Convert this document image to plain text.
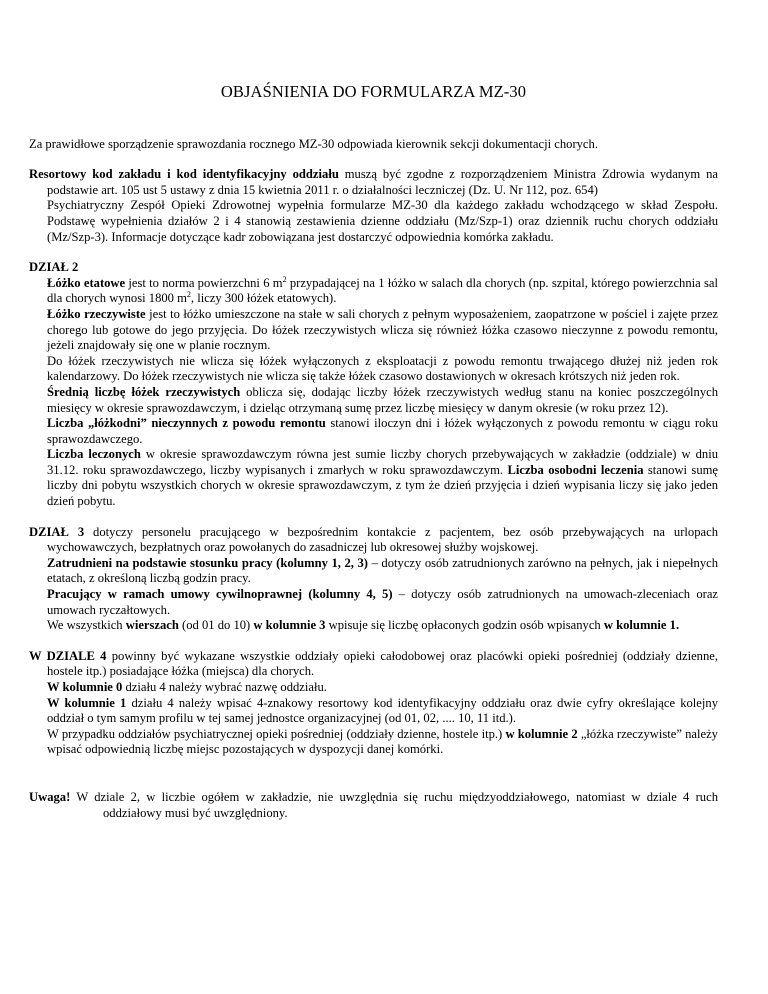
OBJAŚNIENIA DO FORMULARZA MZ-30

Za prawidłowe sporządzenie sprawozdania rocznego MZ-30 odpowiada kierownik sekcji dokumentacji chorych.

Resortowy kod zakładu i kod identyfikacyjny oddziału muszą być zgodne z rozporządzeniem Ministra Zdrowia wydanym na podstawie art. 105 ust 5 ustawy z dnia 15 kwietnia 2011 r. o działalności leczniczej (Dz. U. Nr 112, poz. 654)

Psychiatryczny Zespół Opieki Zdrowotnej wypełnia formularze MZ-30 dla każdego zakładu wchodzącego w skład Zespołu. Podstawę wypełnienia działów 2 i 4 stanowią zestawienia dzienne oddziału (Mz/Szp-1) oraz dziennik ruchu chorych oddziału (Mz/Szp-3). Informacje dotyczące kadr zobowiązana jest dostarczyć odpowiednia komórka zakładu.

DZIAŁ 2

Łóżko etatowe jest to norma powierzchni 6 $m^2$ przypadającej na 1 łóżko w salach dla chorych (np. szpital, którego powierzchnia sal dla chorych wynosi 1800 $m^2$, liczy 300 łóżek etatowych).

Łóżko rzeczywiste jest to łóżko umieszczone na stałe w sali chorych z pełnym wyposażeniem, zaopatrzone w pościel i zajęte przez chorego lub gotowe do jego przyjęcia. Do łóżek rzeczywistych wlicza się również łóżka czasowo nieczynne z powodu remontu, jeżeli znajdowały się one w planie rocznym.

Do łóżek rzeczywistych nie wlicza się łóżek wyłączonych z eksploatacji z powodu remontu trwającego dłużej niż jeden rok kalendarzowy. Do łóżek rzeczywistych nie wlicza się także łóżek czasowo dostawionych w okresach krótszych niż jeden rok.

Średnią liczbę łóżek rzeczywistych oblicza się, dodając liczby łóżek rzeczywistych według stanu na koniec poszczególnych miesięcy w okresie sprawozdawczym, i dzieląc otrzymaną sumę przez liczbę miesięcy w danym okresie (w roku przez 12).

Liczba „łóżkodni” nieczynnych z powodu remontu stanowi iloczyn dni i łóżek wyłączonych z powodu remontu w ciągu roku sprawozdawczego.

Liczba leczonych w okresie sprawozdawczym równa jest sumie liczby chorych przebywających w zakładzie (oddziale) w dniu 31.12. roku sprawozdawczego, liczby wypisanych i zmarłych w roku sprawozdawczym. Liczba osobodni leczenia stanowi sumę liczby dni pobytu wszystkich chorych w okresie sprawozdawczym, z tym że dzień przyjęcia i dzień wypisania liczy się jako jeden dzień pobytu.

DZIAŁ 3 dotyczy personelu pracującego w bezpośrednim kontakcie z pacjentem, bez osób przebywających na urlopach wychowawczych, bezpłatnych oraz powołanych do zasadniczej lub okresowej służby wojskowej.

Zatrudnieni na podstawie stosunku pracy (kolumny 1, 2, 3) – dotyczy osób zatrudnionych zarówno na pełnych, jak i niepełnych etatach, z określoną liczbą godzin pracy.

Pracujący w ramach umowy cywilnoprawnej (kolumny 4, 5) – dotyczy osób zatrudnionych na umowach-zleceniach oraz umowach ryczałtowych.

We wszystkich wierszach (od 01 do 10) w kolumnie 3 wpisuje się liczbę opłaconych godzin osób wpisanych w kolumnie 1.

W DZIALE 4 powinny być wykazane wszystkie oddziały opieki całodobowej oraz placówki opieki pośredniej (oddziały dzienne, hostele itp.) posiadające łóżka (miejsca) dla chorych.

W kolumnie 0 działu 4 należy wybrać nazwę oddziału.

W kolumnie 1 działu 4 należy wpisać 4-znakowy resortowy kod identyfikacyjny oddziału oraz dwie cyfry określające kolejny oddział o tym samym profilu w tej samej jednostce organizacyjnej (od 01, 02, .... 10, 11 itd.).

W przypadku oddziałów psychiatrycznej opieki pośredniej (oddziały dzienne, hostele itp.) w kolumnie 2 „łóżka rzeczywiste” należy wpisać odpowiednią liczbę miejsc pozostających w dyspozycji danej komórki.

Uwaga! W dziale 2, w liczbie ogółem w zakładzie, nie uwzględnia się ruchu międzyoddziałowego, natomiast w dziale 4 ruch oddziałowy musi być uwzględniony.
